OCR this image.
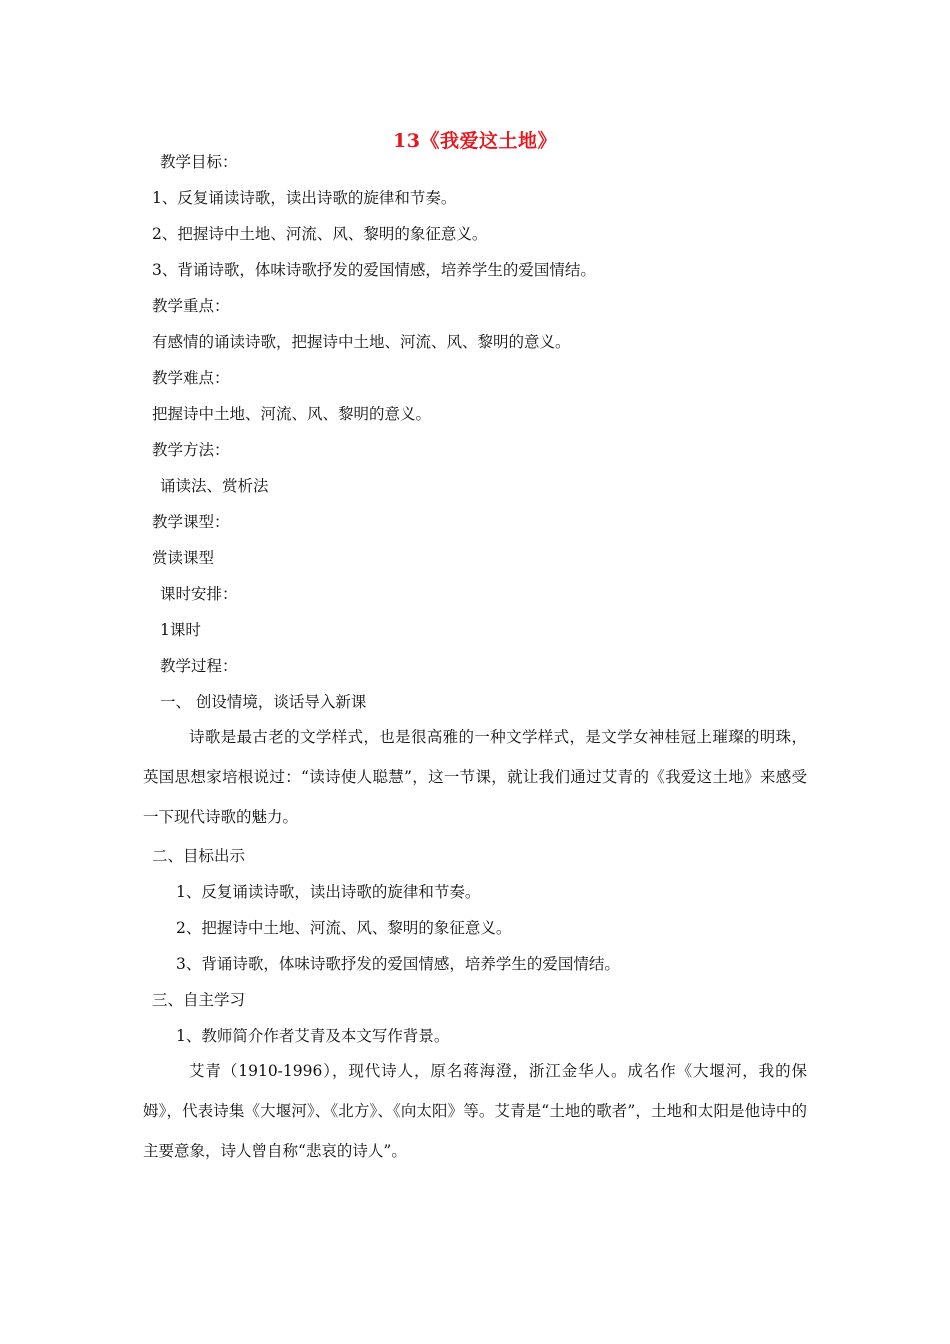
13《我爱这土地》
教学目标：
1、反复诵读诗歌，读出诗歌的旋律和节奏。
2、把握诗中土地、河流、风、黎明的象征意义。
3、背诵诗歌，体味诗歌抒发的爱国情感，培养学生的爱国情结。
教学重点：
有感情的诵读诗歌，把握诗中土地、河流、风、黎明的意义。
教学难点：
把握诗中土地、河流、风、黎明的意义。
教学方法：
诵读法、赏析法
教学课型：
赏读课型
课时安排：
1课时
教学过程：
一、 创设情境，谈话导入新课
诗歌是最古老的文学样式，也是很高雅的一种文学样式，是文学女神桂冠上璀璨的明珠，英国思想家培根说过：“读诗使人聪慧”，这一节课，就让我们通过艾青的《我爱这土地》来感受一下现代诗歌的魅力。
二、目标出示
1、反复诵读诗歌，读出诗歌的旋律和节奏。
2、把握诗中土地、河流、风、黎明的象征意义。
3、背诵诗歌，体味诗歌抒发的爱国情感，培养学生的爱国情结。
三、自主学习
1、教师简介作者艾青及本文写作背景。
艾青（1910-1996），现代诗人，原名蒋海澄，浙江金华人。成名作《大堰河，我的保姆》，代表诗集《大堰河》、《北方》、《向太阳》等。艾青是“土地的歌者”，土地和太阳是他诗中的主要意象，诗人曾自称“悲哀的诗人”。
